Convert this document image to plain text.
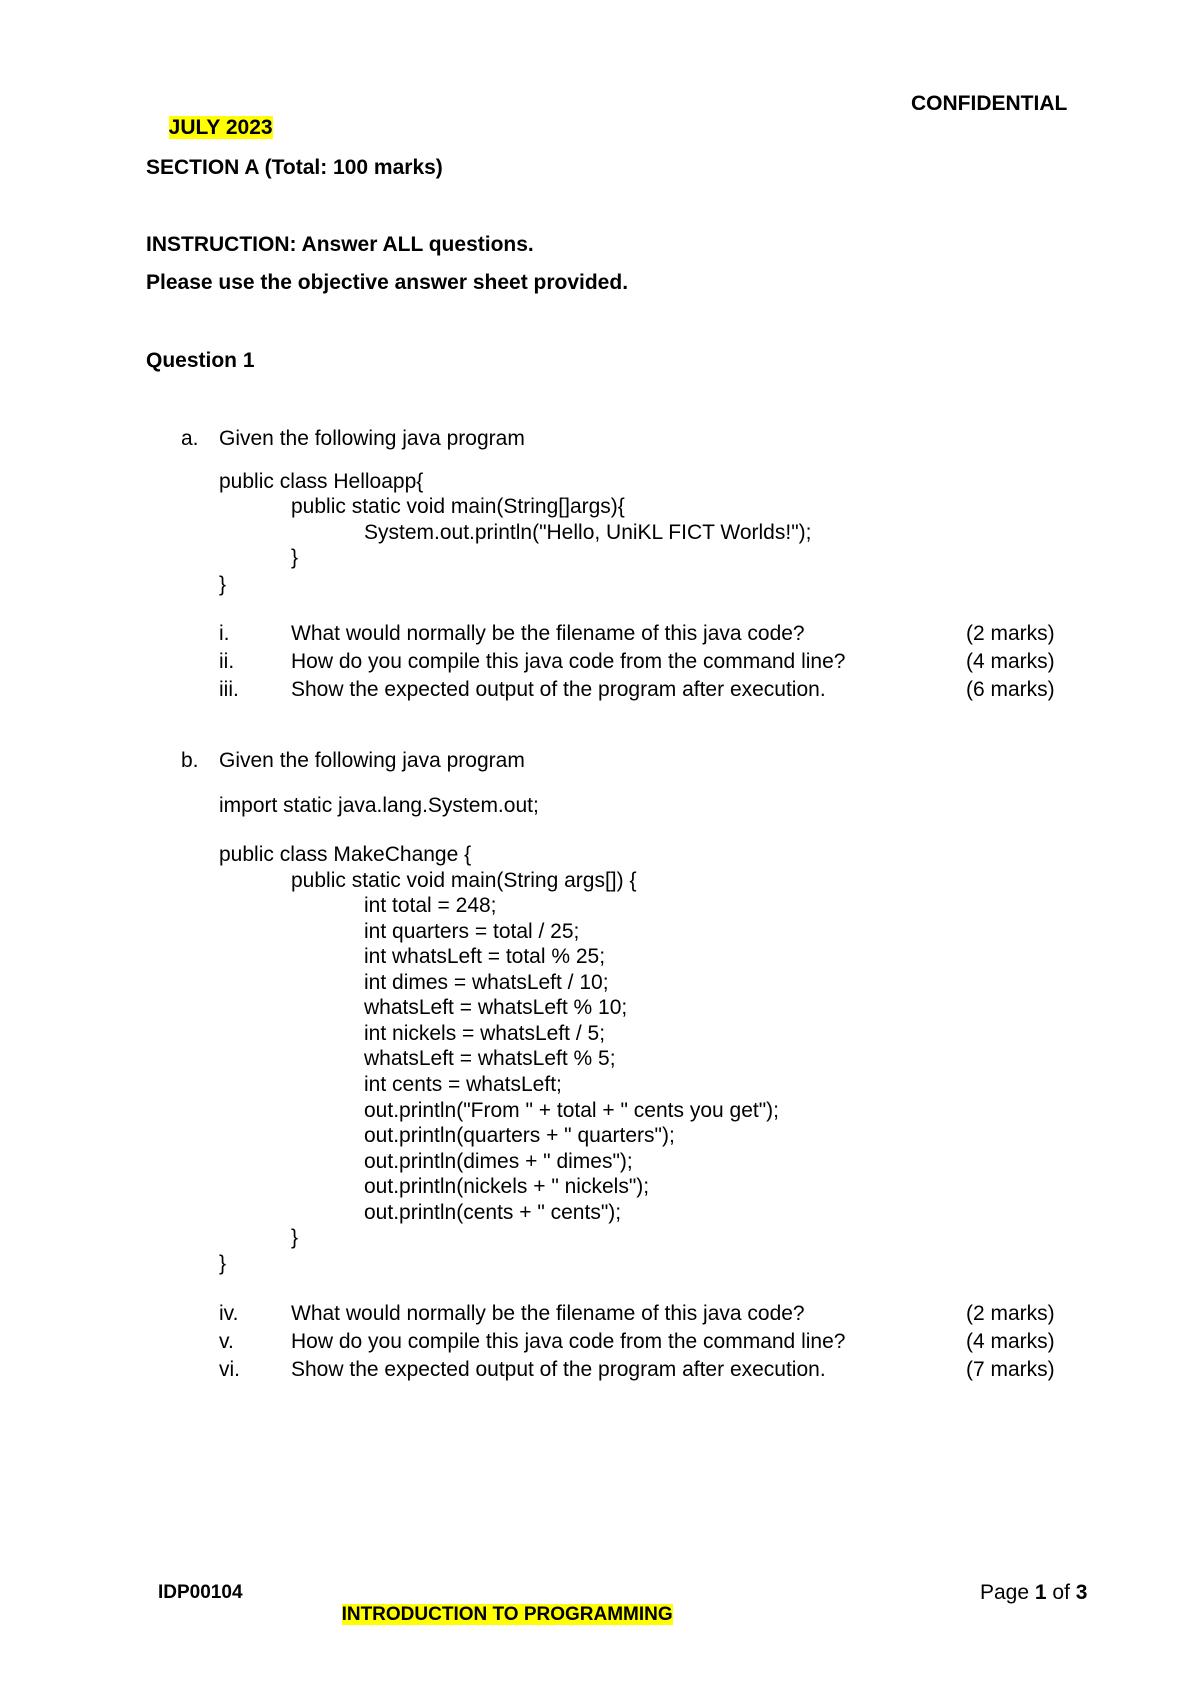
JULY 2023

CONFIDENTIAL
SECTION A (Total: 100 marks)
INSTRUCTION: Answer ALL questions.
Please use the objective answer sheet provided.
Question 1
a. Given the following java program
public class Helloapp{
public static void main(String[]args){
System.out.println("Hello, UniKL FICT Worlds!");
}
}
i.	What would normally be the filename of this java code?	(2 marks)
ii.	How do you compile this java code from the command line?	(4 marks)
iii. Show the expected output of the program after execution.	(6 marks)
b. Given the following java program
import static java.lang.System.out;
public class MakeChange {
public static void main(String args[]) {
int total = 248;
int quarters = total / 25;
int whatsLeft = total % 25;
int dimes = whatsLeft / 10;
whatsLeft = whatsLeft % 10;
int nickels = whatsLeft / 5;
whatsLeft = whatsLeft % 5;
int cents = whatsLeft;
out.println("From " + total + " cents you get");
out.println(quarters + " quarters");
out.println(dimes + " dimes");
out.println(nickels + " nickels");
out.println(cents + " cents");
}
}
iv.	What would normally be the filename of this java code?	(2 marks)
v.	How do you compile this java code from the command line?	(4 marks)
vi. Show the expected output of the program after execution.	(7 marks)
IDP00104

INTRODUCTION TO PROGRAMMING

Page 1 of 3
